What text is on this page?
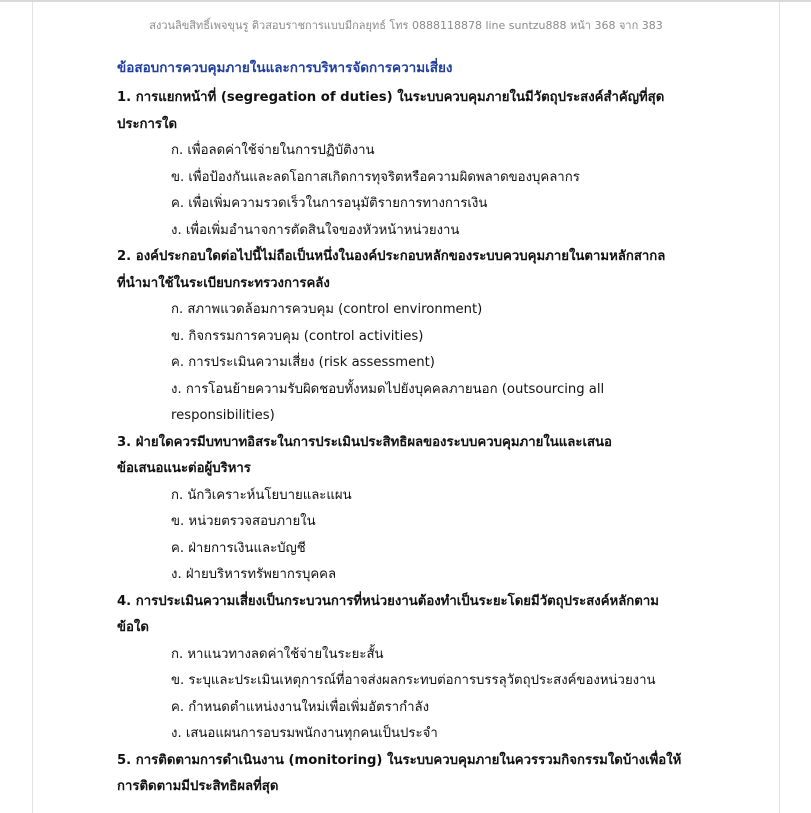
สงวนลิขสิทธิ์เพจขุนรู ติวสอบราชการแบบมีกลยุทธ์ โทร 0888118878 line suntzu888 หน้า 368 จาก 383
ข้อสอบการควบคุมภายในและการบริหารจัดการความเสี่ยง
1. การแยกหน้าที่ (segregation of duties) ในระบบควบคุมภายในมีวัตถุประสงค์สำคัญที่สุด
ประการใด
ก. เพื่อลดค่าใช้จ่ายในการปฏิบัติงาน
ข. เพื่อป้องกันและลดโอกาสเกิดการทุจริตหรือความผิดพลาดของบุคลากร
ค. เพื่อเพิ่มความรวดเร็วในการอนุมัติรายการทางการเงิน
ง. เพื่อเพิ่มอำนาจการตัดสินใจของหัวหน้าหน่วยงาน
2. องค์ประกอบใดต่อไปนี้ไม่ถือเป็นหนึ่งในองค์ประกอบหลักของระบบควบคุมภายในตามหลักสากล
ที่นำมาใช้ในระเบียบกระทรวงการคลัง
ก. สภาพแวดล้อมการควบคุม (control environment)
ข. กิจกรรมการควบคุม (control activities)
ค. การประเมินความเสี่ยง (risk assessment)
ง. การโอนย้ายความรับผิดชอบทั้งหมดไปยังบุคคลภายนอก (outsourcing all
responsibilities)
3. ฝ่ายใดควรมีบทบาทอิสระในการประเมินประสิทธิผลของระบบควบคุมภายในและเสนอ
ข้อเสนอแนะต่อผู้บริหาร
ก. นักวิเคราะห์นโยบายและแผน
ข. หน่วยตรวจสอบภายใน
ค. ฝ่ายการเงินและบัญชี
ง. ฝ่ายบริหารทรัพยากรบุคคล
4. การประเมินความเสี่ยงเป็นกระบวนการที่หน่วยงานต้องทำเป็นระยะโดยมีวัตถุประสงค์หลักตาม
ข้อใด
ก. หาแนวทางลดค่าใช้จ่ายในระยะสั้น
ข. ระบุและประเมินเหตุการณ์ที่อาจส่งผลกระทบต่อการบรรลุวัตถุประสงค์ของหน่วยงาน
ค. กำหนดตำแหน่งงานใหม่เพื่อเพิ่มอัตรากำลัง
ง. เสนอแผนการอบรมพนักงานทุกคนเป็นประจำ
5. การติดตามการดำเนินงาน (monitoring) ในระบบควบคุมภายในควรรวมกิจกรรมใดบ้างเพื่อให้
การติดตามมีประสิทธิผลที่สุด
